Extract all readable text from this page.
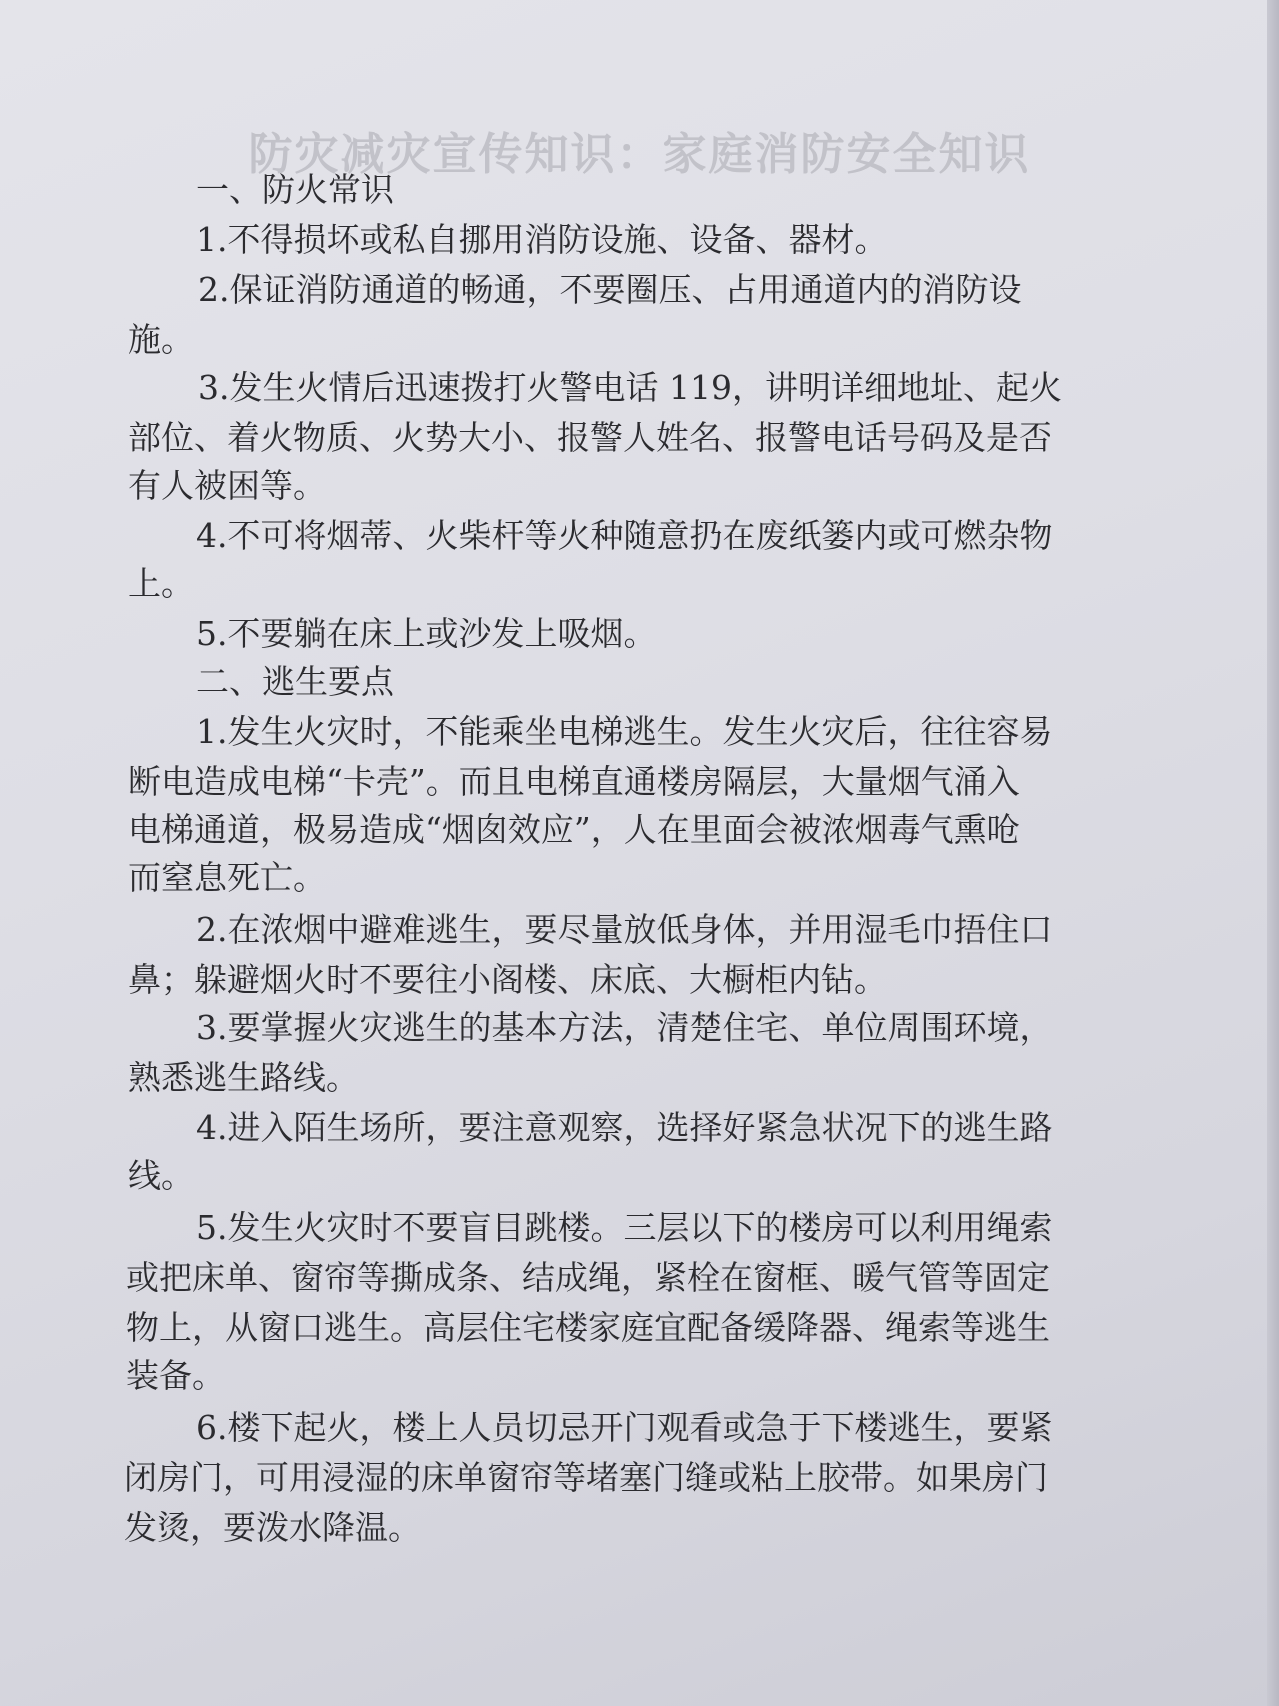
防灾减灾宣传知识：家庭消防安全知识
一、防火常识
1.不得损坏或私自挪用消防设施、设备、器材。
2.保证消防通道的畅通，不要圈压、占用通道内的消防设
施。
3.发生火情后迅速拨打火警电话 119，讲明详细地址、起火
部位、着火物质、火势大小、报警人姓名、报警电话号码及是否
有人被困等。
4.不可将烟蒂、火柴杆等火种随意扔在废纸篓内或可燃杂物
上。
5.不要躺在床上或沙发上吸烟。
二、逃生要点
1.发生火灾时，不能乘坐电梯逃生。发生火灾后，往往容易
断电造成电梯“卡壳”。而且电梯直通楼房隔层，大量烟气涌入
电梯通道，极易造成“烟囱效应”，人在里面会被浓烟毒气熏呛
而窒息死亡。
2.在浓烟中避难逃生，要尽量放低身体，并用湿毛巾捂住口
鼻；躲避烟火时不要往小阁楼、床底、大橱柜内钻。
3.要掌握火灾逃生的基本方法，清楚住宅、单位周围环境，
熟悉逃生路线。
4.进入陌生场所，要注意观察，选择好紧急状况下的逃生路
线。
5.发生火灾时不要盲目跳楼。三层以下的楼房可以利用绳索
或把床单、窗帘等撕成条、结成绳，紧栓在窗框、暖气管等固定
物上，从窗口逃生。高层住宅楼家庭宜配备缓降器、绳索等逃生
装备。
6.楼下起火，楼上人员切忌开门观看或急于下楼逃生，要紧
闭房门，可用浸湿的床单窗帘等堵塞门缝或粘上胶带。如果房门
发烫，要泼水降温。
